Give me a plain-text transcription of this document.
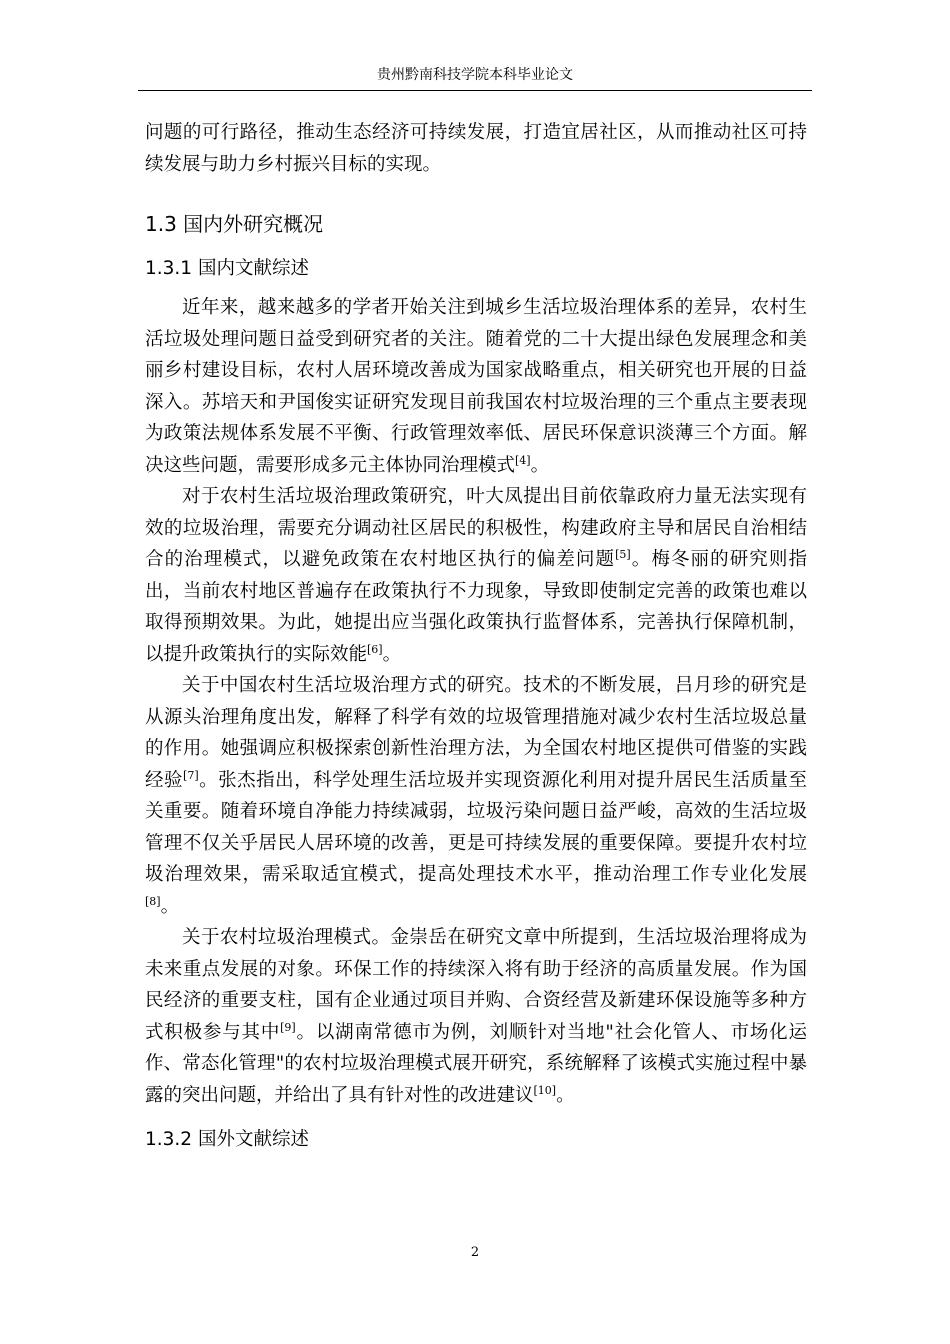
贵州黔南科技学院本科毕业论文

问题的可行路径，推动生态经济可持续发展，打造宜居社区，从而推动社区可持续发展与助力乡村振兴目标的实现。

1.3 国内外研究概况
1.3.1 国内文献综述

近年来，越来越多的学者开始关注到城乡生活垃圾治理体系的差异，农村生活垃圾处理问题日益受到研究者的关注。随着党的二十大提出绿色发展理念和美丽乡村建设目标，农村人居环境改善成为国家战略重点，相关研究也开展的日益深入。苏培天和尹国俊实证研究发现目前我国农村垃圾治理的三个重点主要表现为政策法规体系发展不平衡、行政管理效率低、居民环保意识淡薄三个方面。解决这些问题，需要形成多元主体协同治理模式[4]。

对于农村生活垃圾治理政策研究，叶大凤提出目前依靠政府力量无法实现有效的垃圾治理，需要充分调动社区居民的积极性，构建政府主导和居民自治相结合的治理模式，以避免政策在农村地区执行的偏差问题[5]。梅冬丽的研究则指出，当前农村地区普遍存在政策执行不力现象，导致即使制定完善的政策也难以取得预期效果。为此，她提出应当强化政策执行监督体系，完善执行保障机制，以提升政策执行的实际效能[6]。

关于中国农村生活垃圾治理方式的研究。技术的不断发展，吕月珍的研究是从源头治理角度出发，解释了科学有效的垃圾管理措施对减少农村生活垃圾总量的作用。她强调应积极探索创新性治理方法，为全国农村地区提供可借鉴的实践经验[7]。张杰指出，科学处理生活垃圾并实现资源化利用对提升居民生活质量至关重要。随着环境自净能力持续减弱，垃圾污染问题日益严峻，高效的生活垃圾管理不仅关乎居民人居环境的改善，更是可持续发展的重要保障。要提升农村垃圾治理效果，需采取适宜模式，提高处理技术水平，推动治理工作专业化发展[8]。

关于农村垃圾治理模式。金崇岳在研究文章中所提到，生活垃圾治理将成为未来重点发展的对象。环保工作的持续深入将有助于经济的高质量发展。作为国民经济的重要支柱，国有企业通过项目并购、合资经营及新建环保设施等多种方式积极参与其中[9]。以湖南常德市为例，刘顺针对当地"社会化管人、市场化运作、常态化管理"的农村垃圾治理模式展开研究，系统解释了该模式实施过程中暴露的突出问题，并给出了具有针对性的改进建议[10]。

1.3.2 国外文献综述
2
